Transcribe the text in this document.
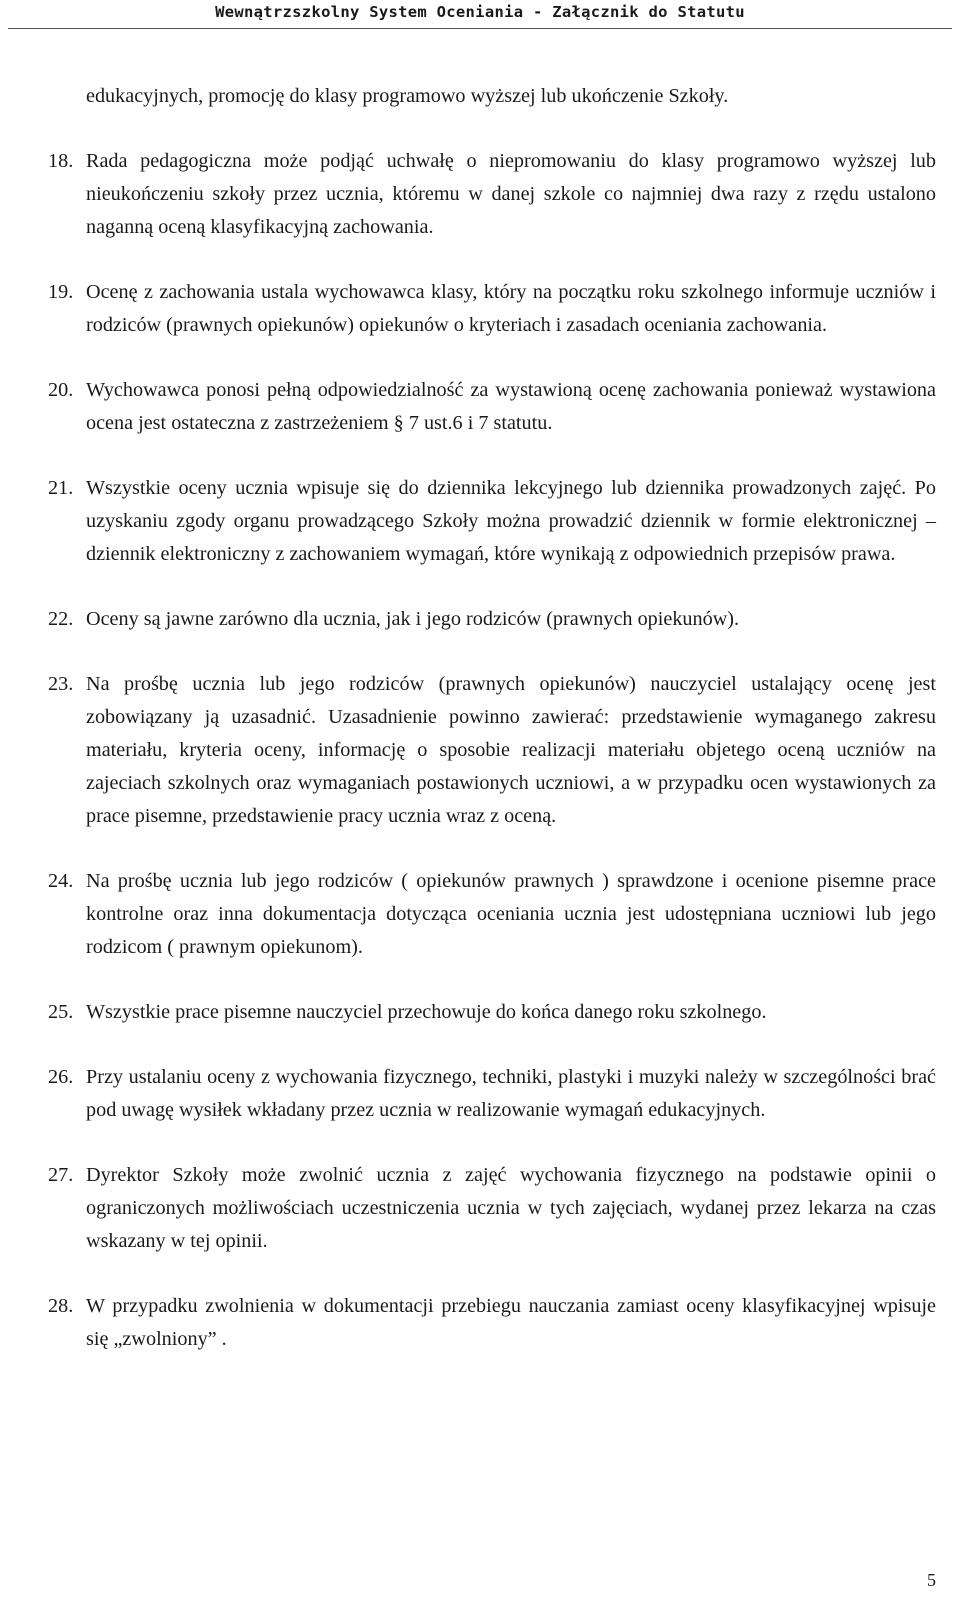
Wewnątrzszkolny System Oceniania - Załącznik do Statutu

edukacyjnych, promocję do klasy programowo wyższej lub ukończenie Szkoły.

18. Rada pedagogiczna może podjąć uchwałę o niepromowaniu do klasy programowo wyższej lub nieukończeniu szkoły przez ucznia, któremu w danej szkole co najmniej dwa razy z rzędu ustalono naganną oceną klasyfikacyjną zachowania.
19. Ocenę z zachowania ustala wychowawca klasy, który na początku roku szkolnego informuje uczniów i rodziców (prawnych opiekunów) opiekunów o kryteriach i zasadach oceniania zachowania.
20. Wychowawca ponosi pełną odpowiedzialność za wystawioną ocenę zachowania ponieważ wystawiona ocena jest ostateczna z zastrzeżeniem § 7 ust.6 i 7 statutu.
21. Wszystkie oceny ucznia wpisuje się do dziennika lekcyjnego lub dziennika prowadzonych zajęć. Po uzyskaniu zgody organu prowadzącego Szkoły można prowadzić dziennik w formie elektronicznej – dziennik elektroniczny z zachowaniem wymagań, które wynikają z odpowiednich przepisów prawa.
22. Oceny są jawne zarówno dla ucznia, jak i jego rodziców (prawnych opiekunów).
23. Na prośbę ucznia lub jego rodziców (prawnych opiekunów) nauczyciel ustalający ocenę jest zobowiązany ją uzasadnić. Uzasadnienie powinno zawierać: przedstawienie wymaganego zakresu materiału, kryteria oceny, informację o sposobie realizacji materiału objetego oceną uczniów na zajeciach szkolnych oraz wymaganiach postawionych uczniowi, a w przypadku ocen wystawionych za prace pisemne, przedstawienie pracy ucznia wraz z oceną.
24. Na prośbę ucznia lub jego rodziców ( opiekunów prawnych ) sprawdzone i ocenione pisemne prace kontrolne oraz inna dokumentacja dotycząca oceniania ucznia jest udostępniana uczniowi lub jego rodzicom ( prawnym opiekunom).
25. Wszystkie prace pisemne nauczyciel przechowuje do końca danego roku szkolnego.
26. Przy ustalaniu oceny z wychowania fizycznego, techniki, plastyki i muzyki należy w szczególności brać pod uwagę wysiłek wkładany przez ucznia w realizowanie wymagań edukacyjnych.
27. Dyrektor Szkoły może zwolnić ucznia z zajęć wychowania fizycznego na podstawie opinii o ograniczonych możliwościach uczestniczenia ucznia w tych zajęciach, wydanej przez lekarza na czas wskazany w tej opinii.
28. W przypadku zwolnienia w dokumentacji przebiegu nauczania zamiast oceny klasyfikacyjnej wpisuje się „zwolniony” .
5
